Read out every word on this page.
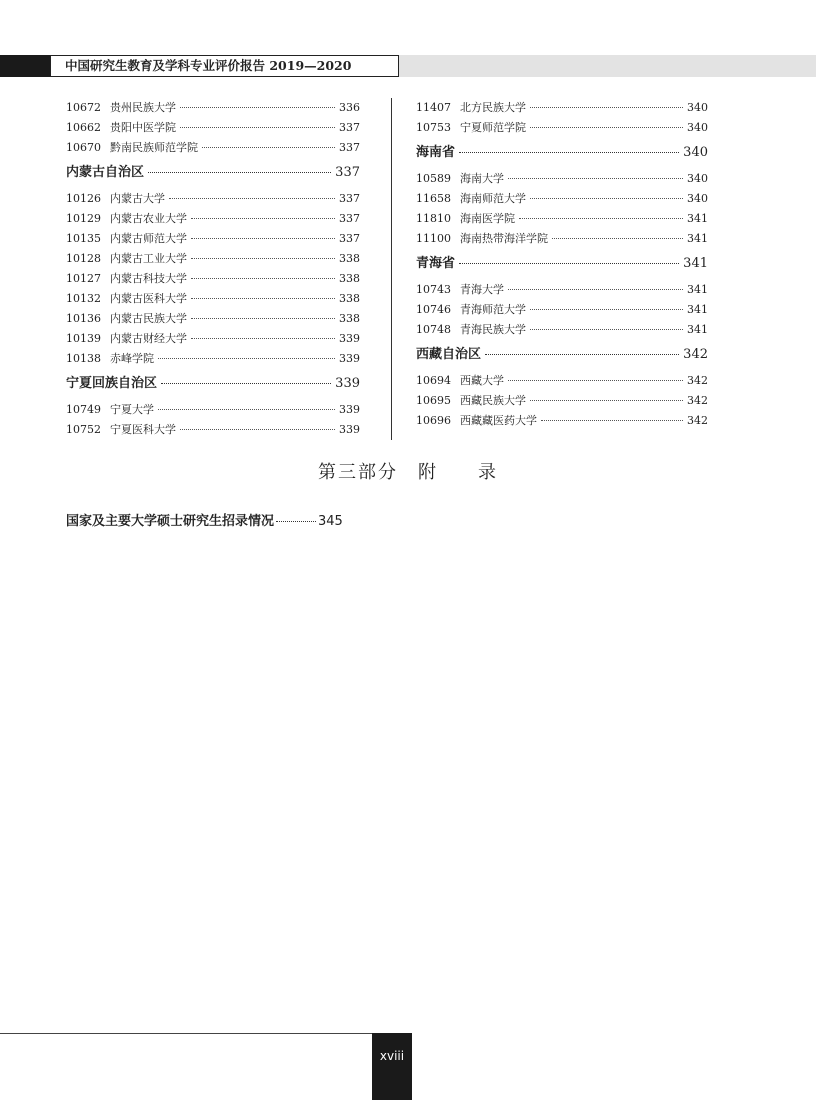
中国研究生教育及学科专业评价报告 2019—2020
10672 贵州民族大学	336
10662 贵阳中医学院	337
10670 黔南民族师范学院	337
内蒙古自治区	337
10126 内蒙古大学	337
10129 内蒙古农业大学	337
10135 内蒙古师范大学	337
10128 内蒙古工业大学	338
10127 内蒙古科技大学	338
10132 内蒙古医科大学	338
10136 内蒙古民族大学	338
10139 内蒙古财经大学	339
10138 赤峰学院	339
宁夏回族自治区	339
10749 宁夏大学	339
10752 宁夏医科大学	339
11407 北方民族大学	340
10753 宁夏师范学院	340
海南省	340
10589 海南大学	340
11658 海南师范大学	340
11810 海南医学院	341
11100 海南热带海洋学院	341
青海省	341
10743 青海大学	341
10746 青海师范大学	341
10748 青海民族大学	341
西藏自治区	342
10694 西藏大学	342
10695 西藏民族大学	342
10696 西藏藏医药大学	342
第三部分　附　　录
国家及主要大学硕士研究生招录情况	345
xviii
